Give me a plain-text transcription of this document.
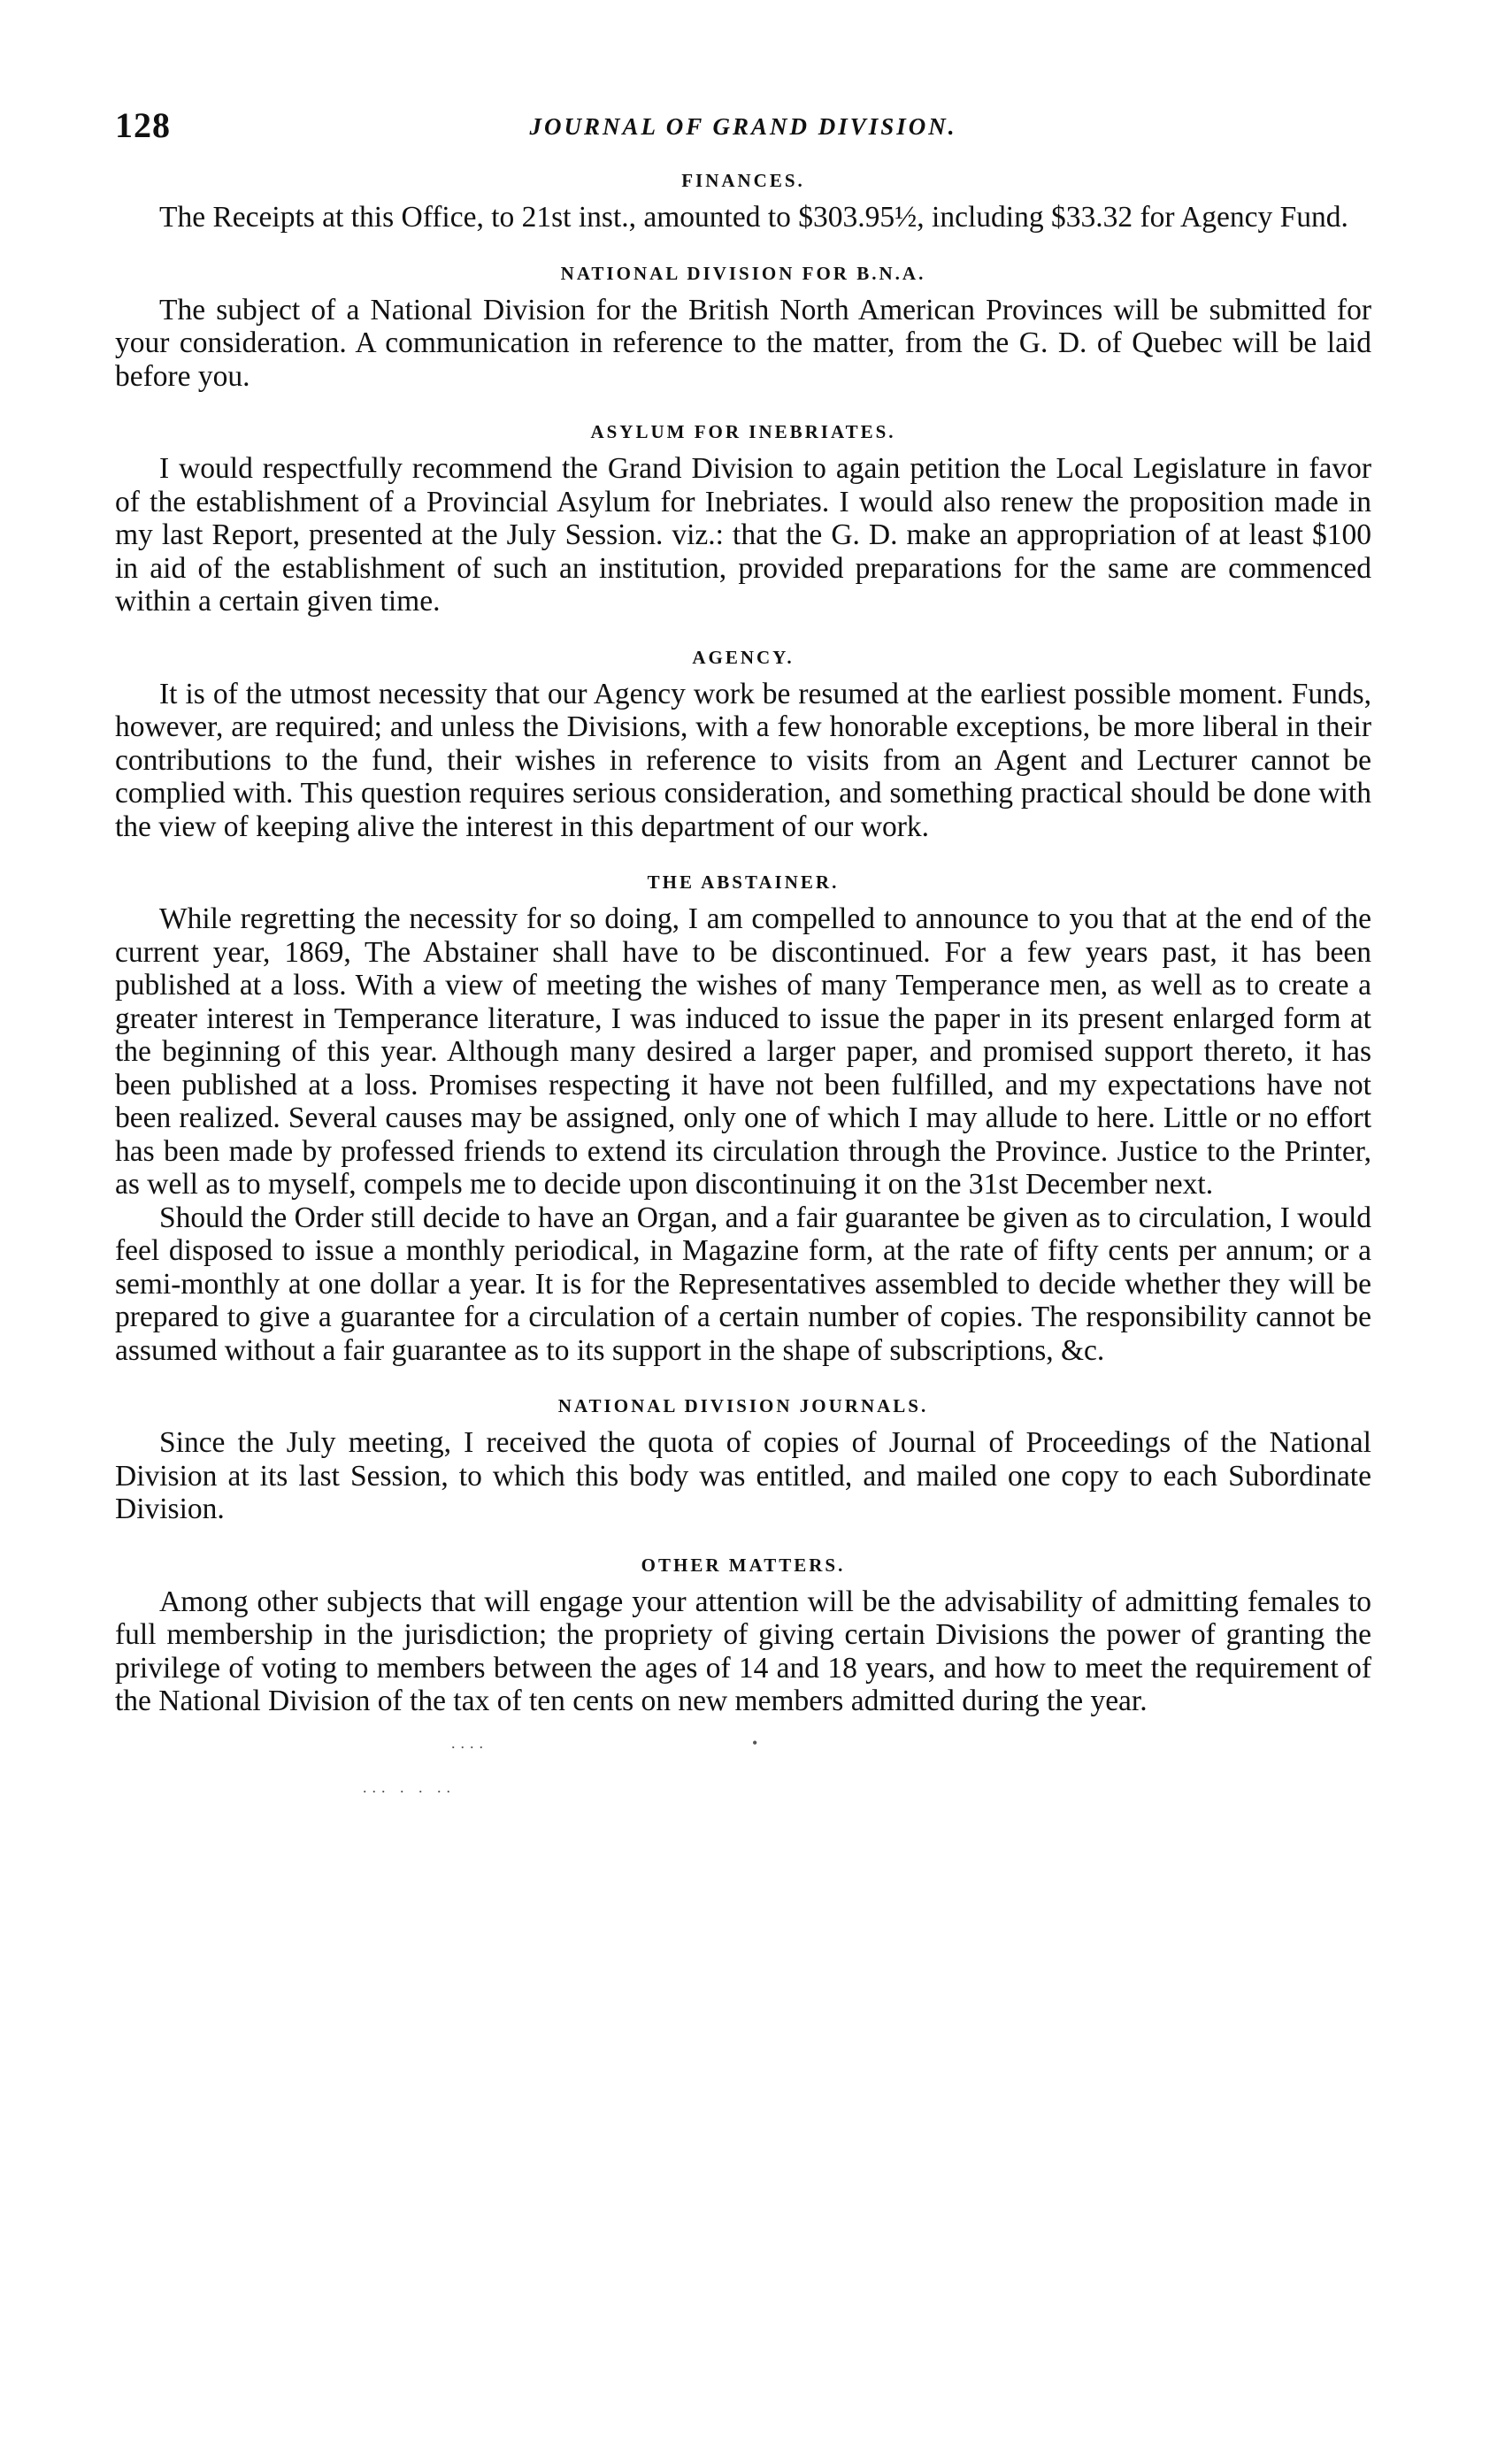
128	JOURNAL OF GRAND DIVISION.
FINANCES.

The Receipts at this Office, to 21st inst., amounted to $303.95½, including $33.32 for Agency Fund.

NATIONAL DIVISION FOR B.N.A.

The subject of a National Division for the British North American Provinces will be submitted for your consideration. A communication in reference to the matter, from the G. D. of Quebec will be laid before you.

ASYLUM FOR INEBRIATES.

I would respectfully recommend the Grand Division to again petition the Local Legislature in favor of the establishment of a Provincial Asylum for Inebriates. I would also renew the proposition made in my last Report, presented at the July Session. viz.: that the G. D. make an appropriation of at least $100 in aid of the establishment of such an institution, provided preparations for the same are commenced within a certain given time.

AGENCY.

It is of the utmost necessity that our Agency work be resumed at the earliest possible moment. Funds, however, are required; and unless the Divisions, with a few honorable exceptions, be more liberal in their contributions to the fund, their wishes in reference to visits from an Agent and Lecturer cannot be complied with. This question requires serious consideration, and something practical should be done with the view of keeping alive the interest in this department of our work.

THE ABSTAINER.

While regretting the necessity for so doing, I am compelled to announce to you that at the end of the current year, 1869, The Abstainer shall have to be discontinued. For a few years past, it has been published at a loss. With a view of meeting the wishes of many Temperance men, as well as to create a greater interest in Temperance literature, I was induced to issue the paper in its present enlarged form at the beginning of this year. Although many desired a larger paper, and promised support thereto, it has been published at a loss. Promises respecting it have not been fulfilled, and my expectations have not been realized. Several causes may be assigned, only one of which I may allude to here. Little or no effort has been made by professed friends to extend its circulation through the Province. Justice to the Printer, as well as to myself, compels me to decide upon discontinuing it on the 31st December next.

Should the Order still decide to have an Organ, and a fair guarantee be given as to circulation, I would feel disposed to issue a monthly periodical, in Magazine form, at the rate of fifty cents per annum; or a semi-monthly at one dollar a year. It is for the Representatives assembled to decide whether they will be prepared to give a guarantee for a circulation of a certain number of copies. The responsibility cannot be assumed without a fair guarantee as to its support in the shape of subscriptions, &c.

NATIONAL DIVISION JOURNALS.

Since the July meeting, I received the quota of copies of Journal of Proceedings of the National Division at its last Session, to which this body was entitled, and mailed one copy to each Subordinate Division.

OTHER MATTERS.

Among other subjects that will engage your attention will be the advisability of admitting females to full membership in the jurisdiction; the propriety of giving certain Divisions the power of granting the privilege of voting to members between the ages of 14 and 18 years, and how to meet the requirement of the National Division of the tax of ten cents on new members admitted during the year.

....	•
... . . ..
